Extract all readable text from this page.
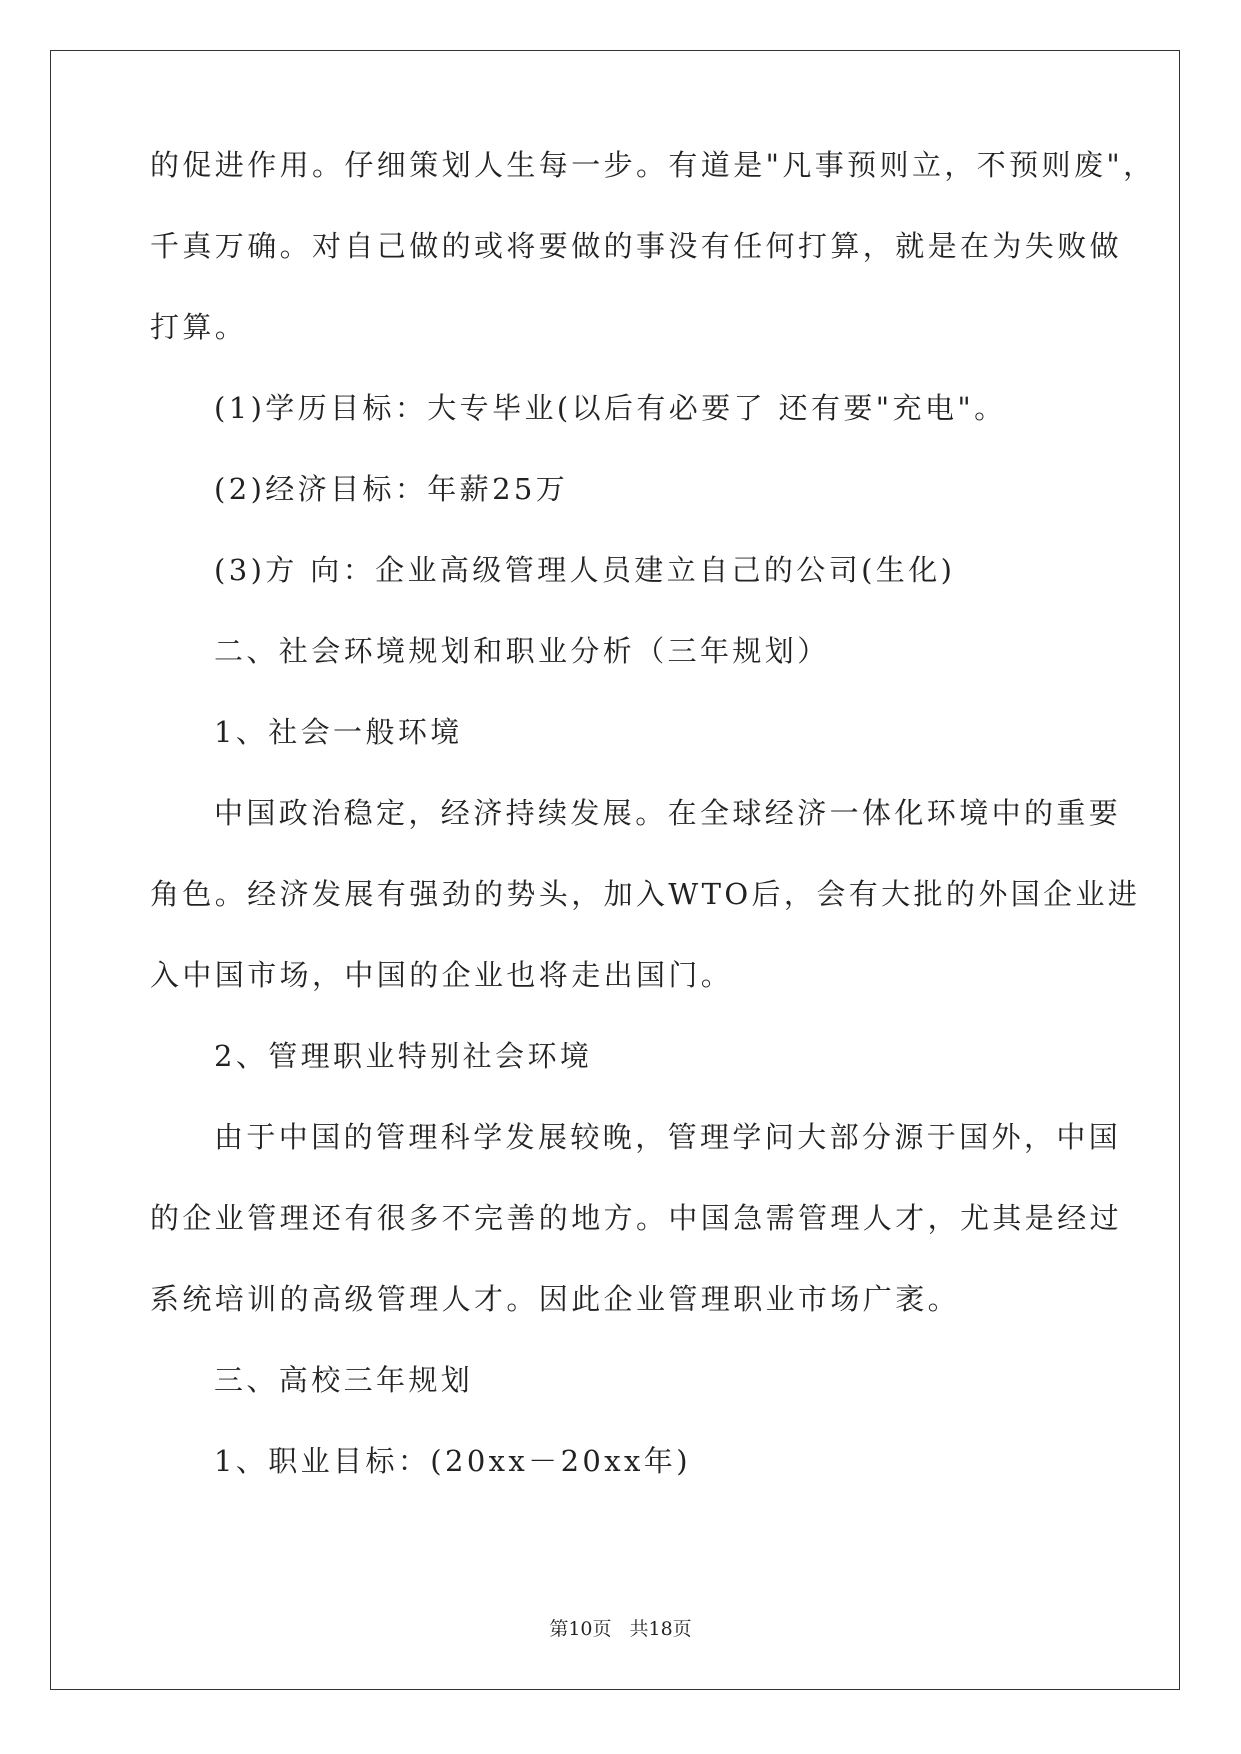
的促进作用。仔细策划人生每一步。有道是"凡事预则立，不预则废"，
千真万确。对自己做的或将要做的事没有任何打算，就是在为失败做
打算。
(1)学历目标：大专毕业(以后有必要了 还有要"充电"。
(2)经济目标：年薪25万
(3)方 向：企业高级管理人员建立自己的公司(生化)
二、社会环境规划和职业分析（三年规划）
1、社会一般环境
中国政治稳定，经济持续发展。在全球经济一体化环境中的重要
角色。经济发展有强劲的势头，加入WTO后，会有大批的外国企业进
入中国市场，中国的企业也将走出国门。
2、管理职业特别社会环境
由于中国的管理科学发展较晚，管理学问大部分源于国外，中国
的企业管理还有很多不完善的地方。中国急需管理人才，尤其是经过
系统培训的高级管理人才。因此企业管理职业市场广袤。
三、高校三年规划
1、职业目标：(20xx－20xx年)
第10页 共18页
